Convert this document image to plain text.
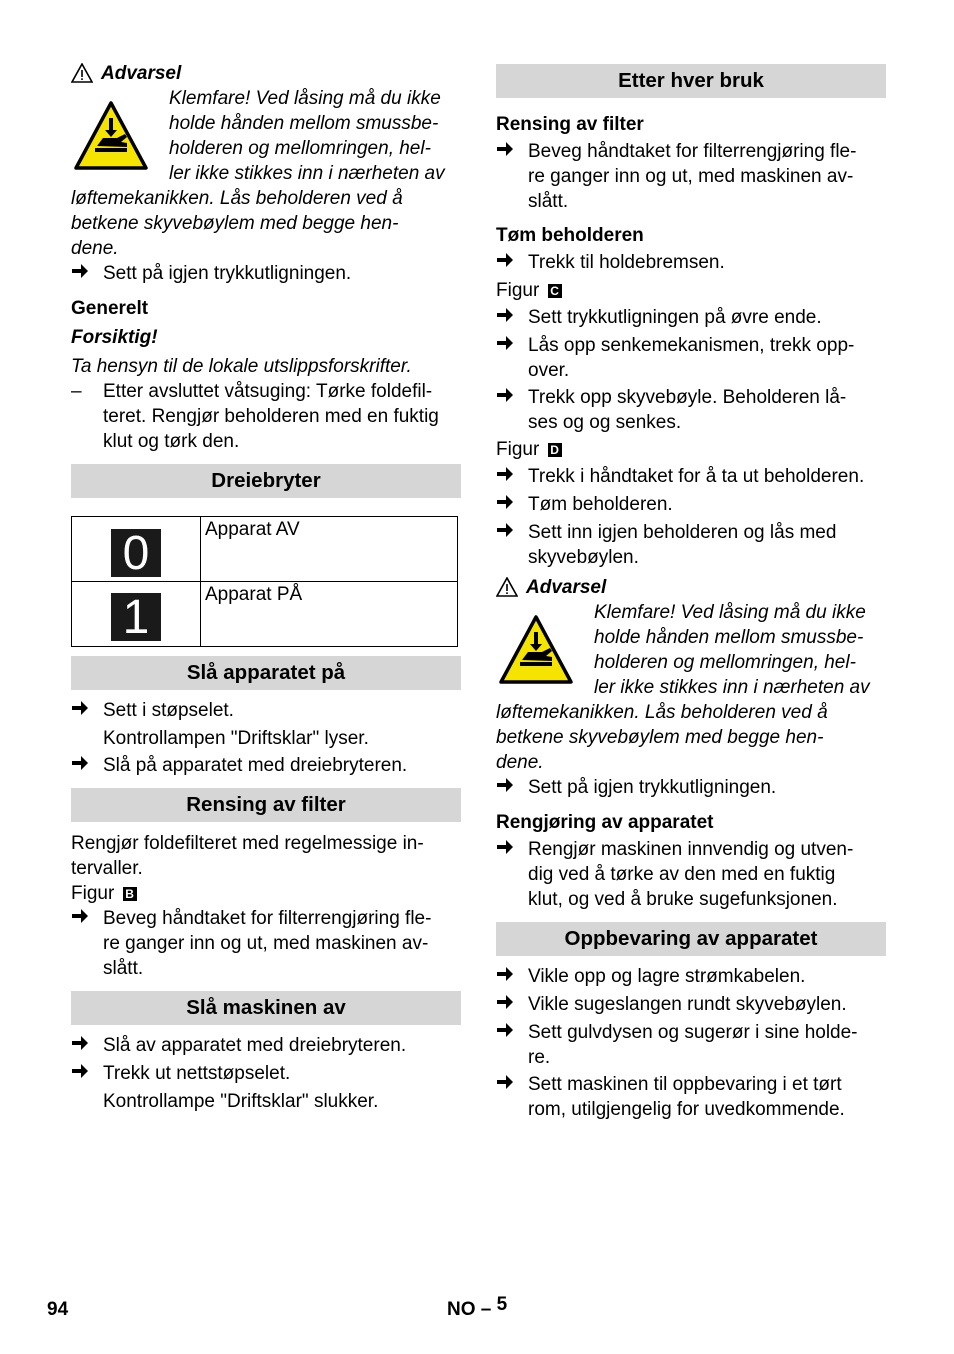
Advarsel

Klemfare! Ved låsing må du ikke

holde hånden mellom smussbe-

holderen og mellomringen, hel-

ler ikke stikkes inn i nærheten av

løftemekanikken. Lås beholderen ved å

betkene skyvebøylem med begge hen-

dene.

Sett på igjen trykkutligningen.

Generelt

Forsiktig!

Ta hensyn til de lokale utslippsforskrifter.

–	Etter avsluttet våtsuging: Tørke foldefil-
teret. Rengjør beholderen med en fuktig
klut og tørk den.
Dreiebryter
0	Apparat AV

1	Apparat PÅ
Slå apparatet på
Sett i støpselet.

Kontrollampen "Driftsklar" lyser.

Slå på apparatet med dreiebryteren.
Rensing av filter

Rengjør foldefilteret med regelmessige in-

tervaller.

Figur B

Beveg håndtaket for filterrengjøring fle-
re ganger inn og ut, med maskinen av-
slått.
Slå maskinen av
Slå av apparatet med dreiebryteren.
Trekk ut nettstøpselet.

Kontrollampe "Driftsklar" slukker.

Etter hver bruk

Rensing av filter

Beveg håndtaket for filterrengjøring fle-
re ganger inn og ut, med maskinen av-
slått.

Tøm beholderen

Trekk til holdebremsen.

Figur C

Sett trykkutligningen på øvre ende.
Lås opp senkemekanismen, trekk opp-
over.
Trekk opp skyvebøyle. Beholderen lå-
ses og og senkes.

Figur D

Trekk i håndtaket for å ta ut beholderen.
Tøm beholderen.
Sett inn igjen beholderen og lås med
skyvebøylen.
Advarsel

Klemfare! Ved låsing må du ikke

holde hånden mellom smussbe-

holderen og mellomringen, hel-

ler ikke stikkes inn i nærheten av

løftemekanikken. Lås beholderen ved å

betkene skyvebøylem med begge hen-

dene.

Sett på igjen trykkutligningen.

Rengjøring av apparatet

Rengjør maskinen innvendig og utven-
dig ved å tørke av den med en fuktig
klut, og ved å bruke sugefunksjonen.
Oppbevaring av apparatet
Vikle opp og lagre strømkabelen.
Vikle sugeslangen rundt skyvebøylen.
Sett gulvdysen og sugerør i sine holde-
re.
Sett maskinen til oppbevaring i et tørt
rom, utilgjengelig for uvedkommende.
94	NO – 5
